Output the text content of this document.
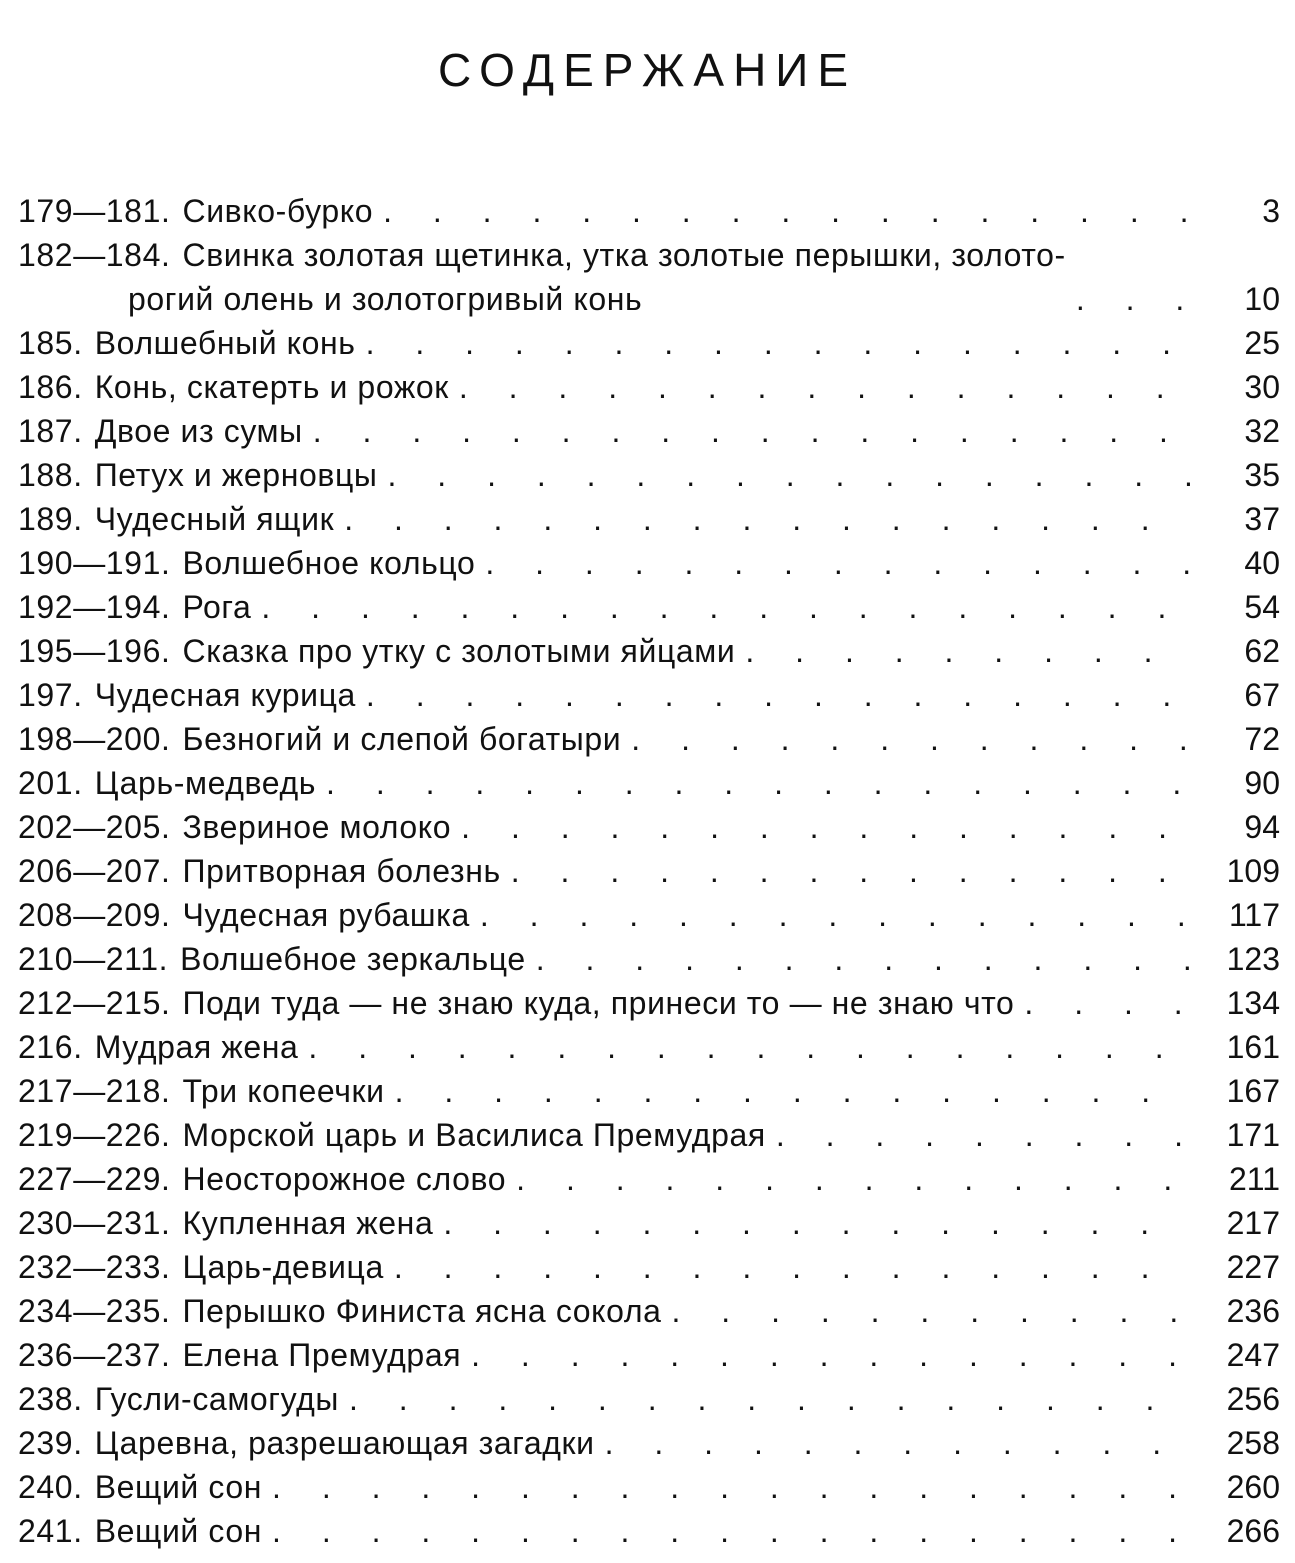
СОДЕРЖАНИЕ
179—181. Сивко-бурко . . .	3
182—184. Свинка золотая щетинка, утка золотые перышки, золото-
рогий олень и золотогривый конь . . .	10
185. Волшебный конь . . .	25
186. Конь, скатерть и рожок . . .	30
187. Двое из сумы . . .	32
188. Петух и жерновцы . . .	35
189. Чудесный ящик . . .	37
190—191. Волшебное кольцо . . .	40
192—194. Рога . . .	54
195—196. Сказка про утку с золотыми яйцами . . .	62
197. Чудесная курица . . .	67
198—200. Безногий и слепой богатыри . . .	72
201. Царь-медведь . . .	90
202—205. Звериное молоко . . .	94
206—207. Притворная болезнь . . .	109
208—209. Чудесная рубашка . . .	117
210—211. Волшебное зеркальце . . .	123
212—215. Поди туда — не знаю куда, принеси то — не знаю что . . .	134
216. Мудрая жена . . .	161
217—218. Три копеечки . . .	167
219—226. Морской царь и Василиса Премудрая . . .	171
227—229. Неосторожное слово . . .	211
230—231. Купленная жена . . .	217
232—233. Царь-девица . . .	227
234—235. Перышко Финиста ясна сокола . . .	236
236—237. Елена Премудрая . . .	247
238. Гусли-самогуды . . .	256
239. Царевна, разрешающая загадки . . .	258
240. Вещий сон . . .	260
241. Вещий сон . . .	266
